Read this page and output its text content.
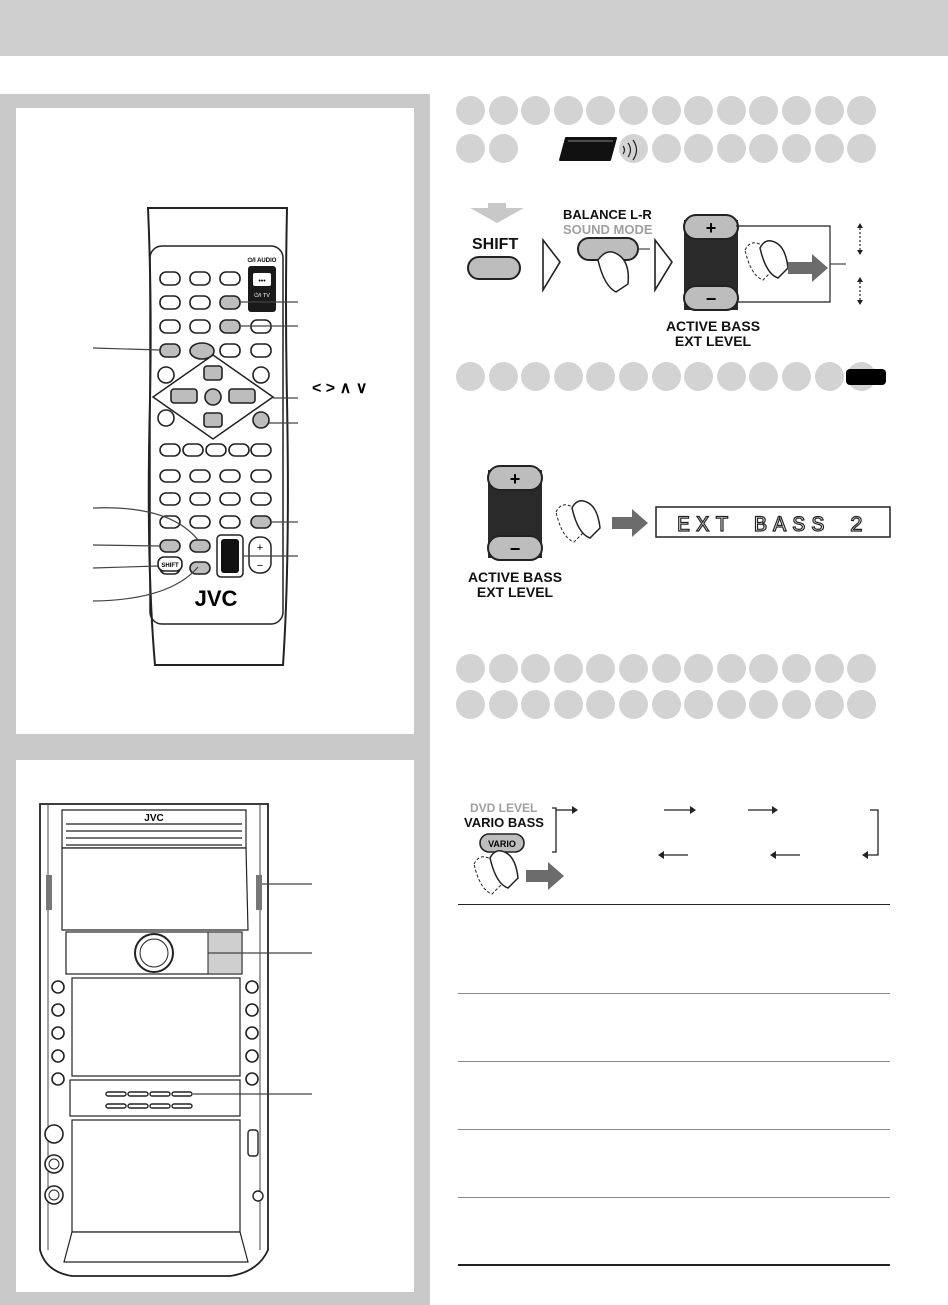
•••
⏻/I AUDIO
⏻/I TV
SHIFT
+
−
JVC
< > ∧ ∨
JVC
+
−
SHIFT
BALANCE L-R
SOUND MODE
ACTIVE BASS
EXT LEVEL
+
−
EXT BASS 2
ACTIVE BASS
EXT LEVEL
DVD LEVEL
VARIO BASS
VARIO
